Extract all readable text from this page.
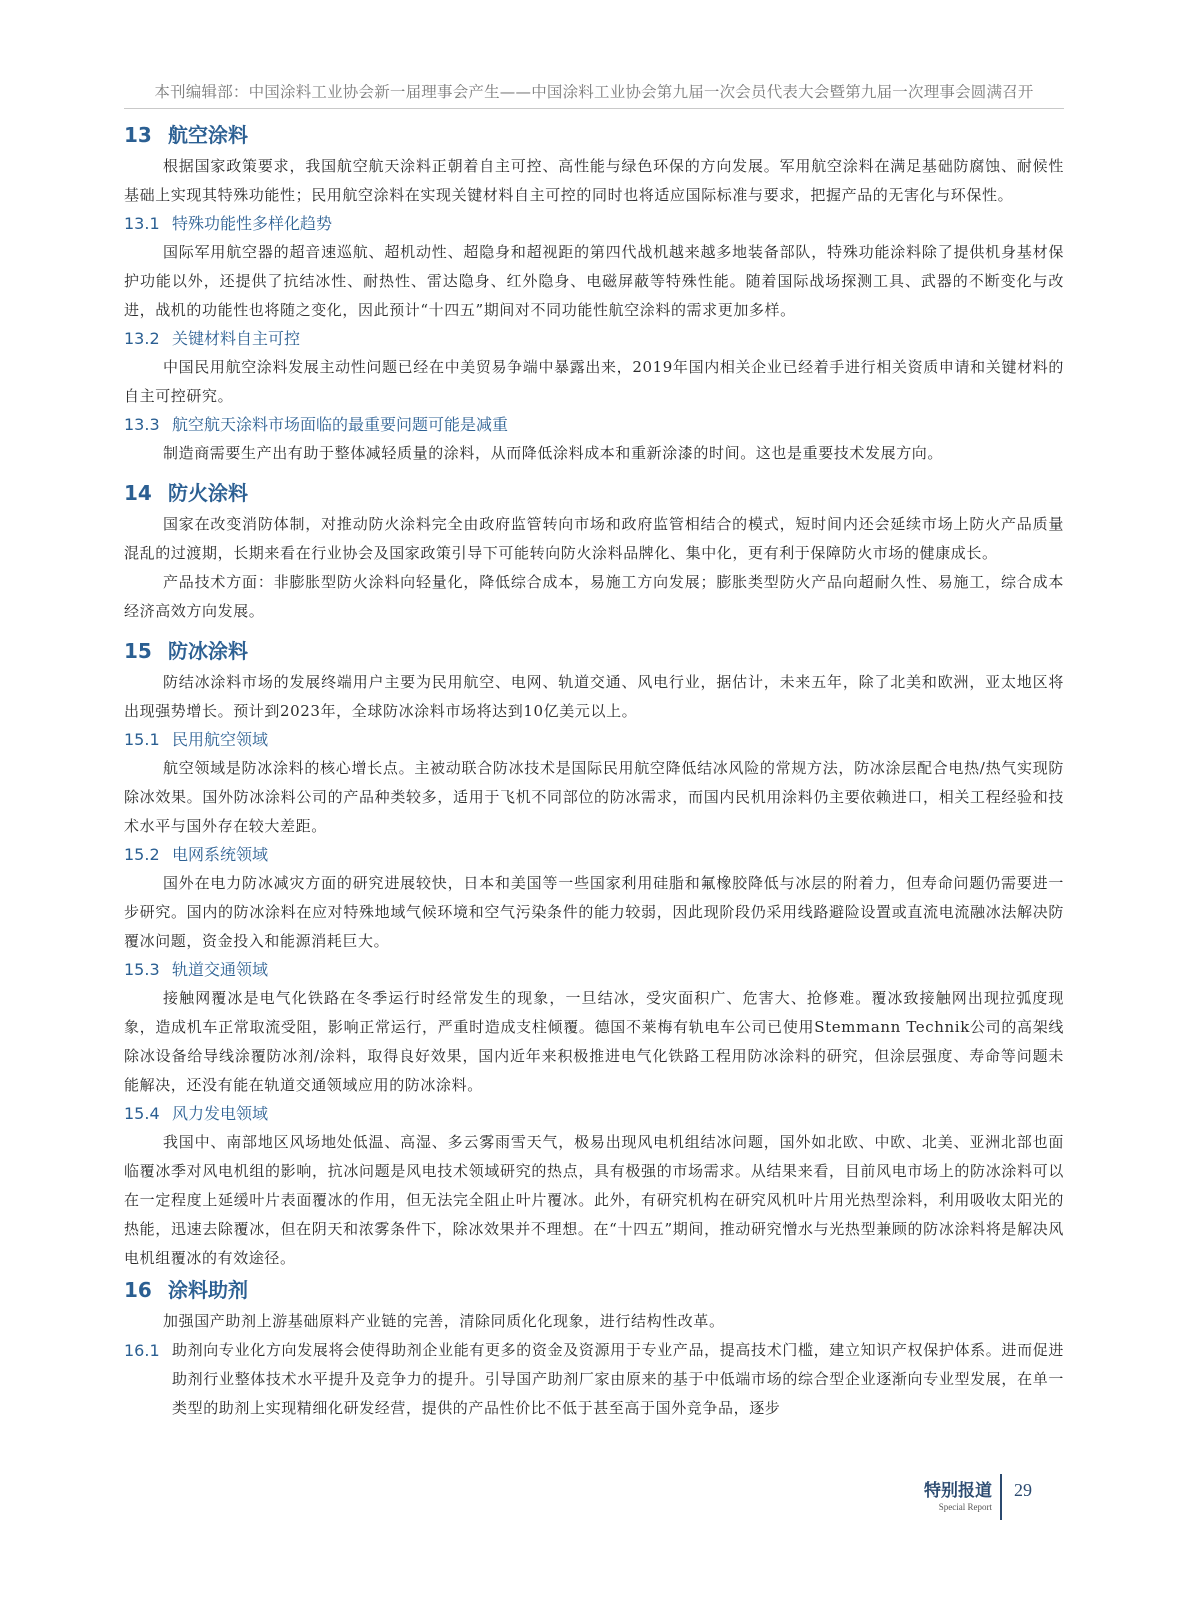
本刊编辑部：中国涂料工业协会新一届理事会产生——中国涂料工业协会第九届一次会员代表大会暨第九届一次理事会圆满召开
13 航空涂料

根据国家政策要求，我国航空航天涂料正朝着自主可控、高性能与绿色环保的方向发展。军用航空涂料在满足基础防腐蚀、耐候性基础上实现其特殊功能性；民用航空涂料在实现关键材料自主可控的同时也将适应国际标准与要求，把握产品的无害化与环保性。

13.1 特殊功能性多样化趋势

国际军用航空器的超音速巡航、超机动性、超隐身和超视距的第四代战机越来越多地装备部队，特殊功能涂料除了提供机身基材保护功能以外，还提供了抗结冰性、耐热性、雷达隐身、红外隐身、电磁屏蔽等特殊性能。随着国际战场探测工具、武器的不断变化与改进，战机的功能性也将随之变化，因此预计“十四五”期间对不同功能性航空涂料的需求更加多样。

13.2 关键材料自主可控

中国民用航空涂料发展主动性问题已经在中美贸易争端中暴露出来，2019年国内相关企业已经着手进行相关资质申请和关键材料的自主可控研究。

13.3 航空航天涂料市场面临的最重要问题可能是减重

制造商需要生产出有助于整体减轻质量的涂料，从而降低涂料成本和重新涂漆的时间。这也是重要技术发展方向。

14 防火涂料

国家在改变消防体制，对推动防火涂料完全由政府监管转向市场和政府监管相结合的模式，短时间内还会延续市场上防火产品质量混乱的过渡期，长期来看在行业协会及国家政策引导下可能转向防火涂料品牌化、集中化，更有利于保障防火市场的健康成长。

产品技术方面：非膨胀型防火涂料向轻量化，降低综合成本，易施工方向发展；膨胀类型防火产品向超耐久性、易施工，综合成本经济高效方向发展。

15 防冰涂料

防结冰涂料市场的发展终端用户主要为民用航空、电网、轨道交通、风电行业，据估计，未来五年，除了北美和欧洲，亚太地区将出现强势增长。预计到2023年，全球防冰涂料市场将达到10亿美元以上。

15.1 民用航空领域

航空领域是防冰涂料的核心增长点。主被动联合防冰技术是国际民用航空降低结冰风险的常规方法，防冰涂层配合电热/热气实现防除冰效果。国外防冰涂料公司的产品种类较多，适用于飞机不同部位的防冰需求，而国内民机用涂料仍主要依赖进口，相关工程经验和技术水平与国外存在较大差距。

15.2 电网系统领域

国外在电力防冰减灾方面的研究进展较快，日本和美国等一些国家利用硅脂和氟橡胶降低与冰层的附着力，但寿命问题仍需要进一步研究。国内的防冰涂料在应对特殊地域气候环境和空气污染条件的能力较弱，因此现阶段仍采用线路避险设置或直流电流融冰法解决防覆冰问题，资金投入和能源消耗巨大。

15.3 轨道交通领域

接触网覆冰是电气化铁路在冬季运行时经常发生的现象，一旦结冰，受灾面积广、危害大、抢修难。覆冰致接触网出现拉弧度现象，造成机车正常取流受阻，影响正常运行，严重时造成支柱倾覆。德国不莱梅有轨电车公司已使用Stemmann Technik公司的高架线除冰设备给导线涂覆防冰剂/涂料，取得良好效果，国内近年来积极推进电气化铁路工程用防冰涂料的研究，但涂层强度、寿命等问题未能解决，还没有能在轨道交通领域应用的防冰涂料。

15.4 风力发电领域

我国中、南部地区风场地处低温、高湿、多云雾雨雪天气，极易出现风电机组结冰问题，国外如北欧、中欧、北美、亚洲北部也面临覆冰季对风电机组的影响，抗冰问题是风电技术领域研究的热点，具有极强的市场需求。从结果来看，目前风电市场上的防冰涂料可以在一定程度上延缓叶片表面覆冰的作用，但无法完全阻止叶片覆冰。此外，有研究机构在研究风机叶片用光热型涂料，利用吸收太阳光的热能，迅速去除覆冰，但在阴天和浓雾条件下，除冰效果并不理想。在“十四五”期间，推动研究憎水与光热型兼顾的防冰涂料将是解决风电机组覆冰的有效途径。

16 涂料助剂

加强国产助剂上游基础原料产业链的完善，清除同质化化现象，进行结构性改革。

16.1 助剂向专业化方向发展将会使得助剂企业能有更多的资金及资源用于专业产品，提高技术门槛，建立知识产权保护体系。进而促进助剂行业整体技术水平提升及竞争力的提升。引导国产助剂厂家由原来的基于中低端市场的综合型企业逐渐向专业型发展，在单一类型的助剂上实现精细化研发经营，提供的产品性价比不低于甚至高于国外竞争品，逐步
特别报道
Special Report
29
